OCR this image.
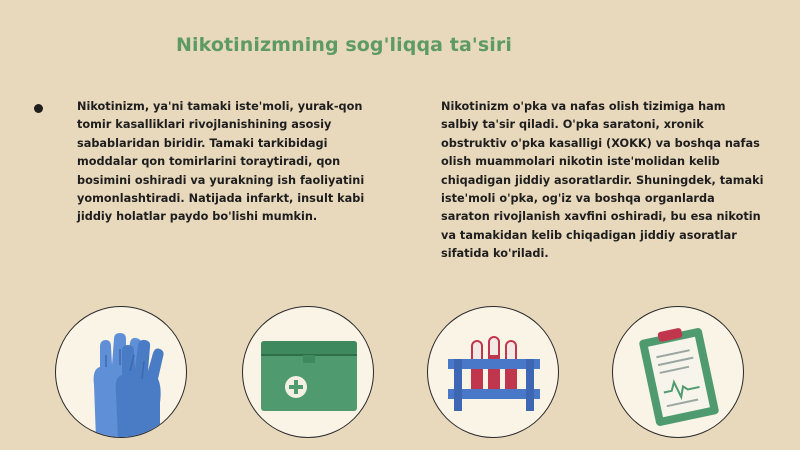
Nikotinizmning sog'liqqa ta'siri
Nikotinizm, ya'ni tamaki iste'moli, yurak-qon tomir kasalliklari rivojlanishining asosiy sabablaridan biridir. Tamaki tarkibidagi moddalar qon tomirlarini toraytiradi, qon bosimini oshiradi va yurakning ish faoliyatini yomonlashtiradi. Natijada infarkt, insult kabi jiddiy holatlar paydo bo'lishi mumkin.
Nikotinizm o'pka va nafas olish tizimiga ham salbiy ta'sir qiladi. O'pka saratoni, xronik obstruktiv o'pka kasalligi (XOKK) va boshqa nafas olish muammolari nikotin iste'molidan kelib chiqadigan jiddiy asoratlardir. Shuningdek, tamaki iste'moli o'pka, og'iz va boshqa organlarda saraton rivojlanish xavfini oshiradi, bu esa nikotin va tamakidan kelib chiqadigan jiddiy asoratlar sifatida ko'riladi.
